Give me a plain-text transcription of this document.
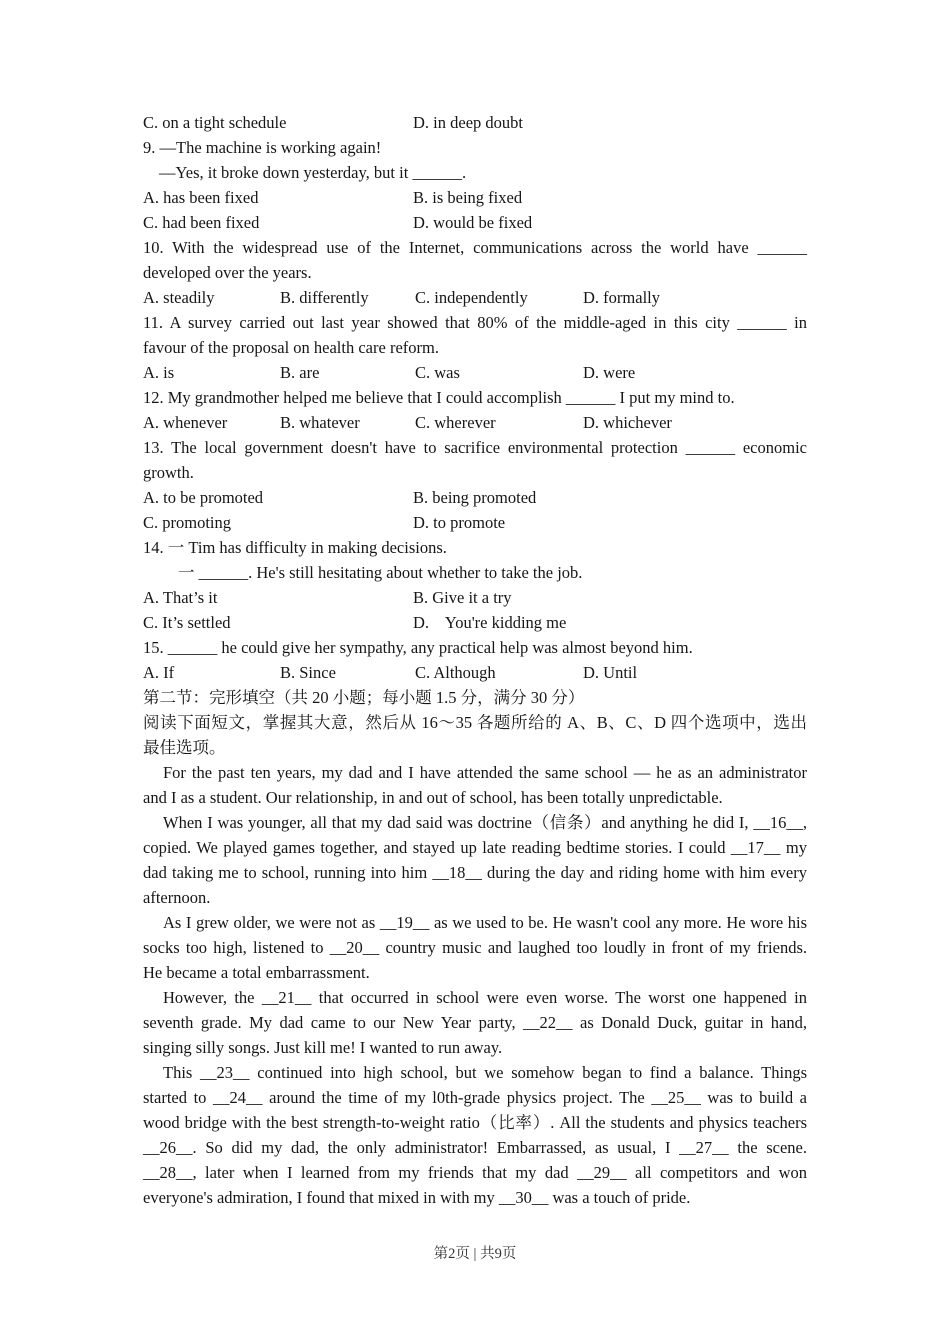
C. on a tight schedule	D. in deep doubt
9. —The machine is working again!
—Yes, it broke down yesterday, but it ______.
A. has been fixed	B. is being fixed
C. had been fixed	D. would be fixed
10. With the widespread use of the Internet, communications across the world have ______
developed over the years.
A. steadily	B. differently	C. independently	D. formally
11. A survey carried out last year showed that 80% of the middle-aged in this city ______ in
favour of the proposal on health care reform.
A. is	B. are	C. was	D. were
12. My grandmother helped me believe that I could accomplish ______ I put my mind to.
A. whenever	B. whatever	C. wherever	D. whichever
13. The local government doesn't have to sacrifice environmental protection ______ economic
growth.
A. to be promoted	B. being promoted
C. promoting	D. to promote
14. 一 Tim has difficulty in making decisions.
一 ______. He's still hesitating about whether to take the job.
A. That’s it	B. Give it a try
C. It’s settled	D.    You're kidding me
15. ______ he could give her sympathy, any practical help was almost beyond him.
A. If	B. Since	C. Although	D. Until
第二节：完形填空（共 20 小题；每小题 1.5 分，满分 30 分）
阅读下面短文，掌握其大意，然后从 16〜35 各题所给的 A、B、C、D 四个选项中，选出
最佳选项。
For the past ten years, my dad and I have attended the same school — he as an administrator
and I as a student. Our relationship, in and out of school, has been totally unpredictable.
When I was younger, all that my dad said was doctrine（信条）and anything he did I, __16__,
copied. We played games together, and stayed up late reading bedtime stories. I could __17__ my
dad taking me to school, running into him __18__ during the day and riding home with him every
afternoon.
As I grew older, we were not as __19__ as we used to be. He wasn't cool any more. He wore his
socks too high, listened to __20__ country music and laughed too loudly in front of my friends.
He became a total embarrassment.
However, the __21__ that occurred in school were even worse. The worst one happened in
seventh grade. My dad came to our New Year party, __22__ as Donald Duck, guitar in hand,
singing silly songs. Just kill me! I wanted to run away.
This __23__ continued into high school, but we somehow began to find a balance. Things
started to __24__ around the time of my l0th-grade physics project. The __25__ was to build a
wood bridge with the best strength-to-weight ratio（比率）. All the students and physics teachers
__26__. So did my dad, the only administrator! Embarrassed, as usual, I __27__ the scene.
__28__, later when I learned from my friends that my dad __29__ all competitors and won
everyone's admiration, I found that mixed in with my __30__ was a touch of pride.
第2页 | 共9页
